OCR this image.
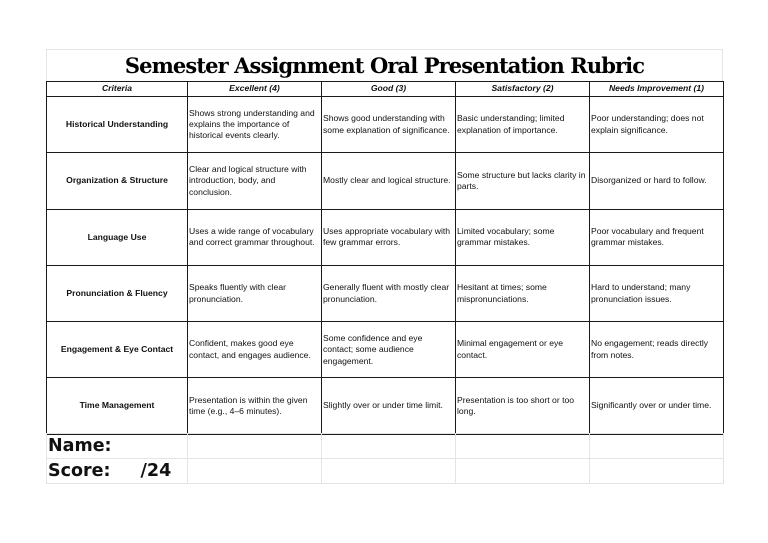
Semester Assignment Oral Presentation Rubric
Criteria	Excellent (4)	Good (3)	Satisfactory (2)	Needs Improvement (1)
Historical Understanding	Shows strong understanding and explains the importance of historical events clearly.	Shows good understanding with some explanation of significance.	Basic understanding; limited explanation of importance.	Poor understanding; does not explain significance.
Organization & Structure	Clear and logical structure with introduction, body, and conclusion.	Mostly clear and logical structure.	Some structure but lacks clarity in parts.	Disorganized or hard to follow.
Language Use	Uses a wide range of vocabulary and correct grammar throughout.	Uses appropriate vocabulary with few grammar errors.	Limited vocabulary; some grammar mistakes.	Poor vocabulary and frequent grammar mistakes.
Pronunciation & Fluency	Speaks fluently with clear pronunciation.	Generally fluent with mostly clear pronunciation.	Hesitant at times; some mispronunciations.	Hard to understand; many pronunciation issues.
Engagement & Eye Contact	Confident, makes good eye contact, and engages audience.	Some confidence and eye contact; some audience engagement.	Minimal engagement or eye contact.	No engagement; reads directly from notes.
Time Management	Presentation is within the given time (e.g., 4–6 minutes).	Slightly over or under time limit.	Presentation is too short or too long.	Significantly over or under time.
Name:				
Score: /24				
